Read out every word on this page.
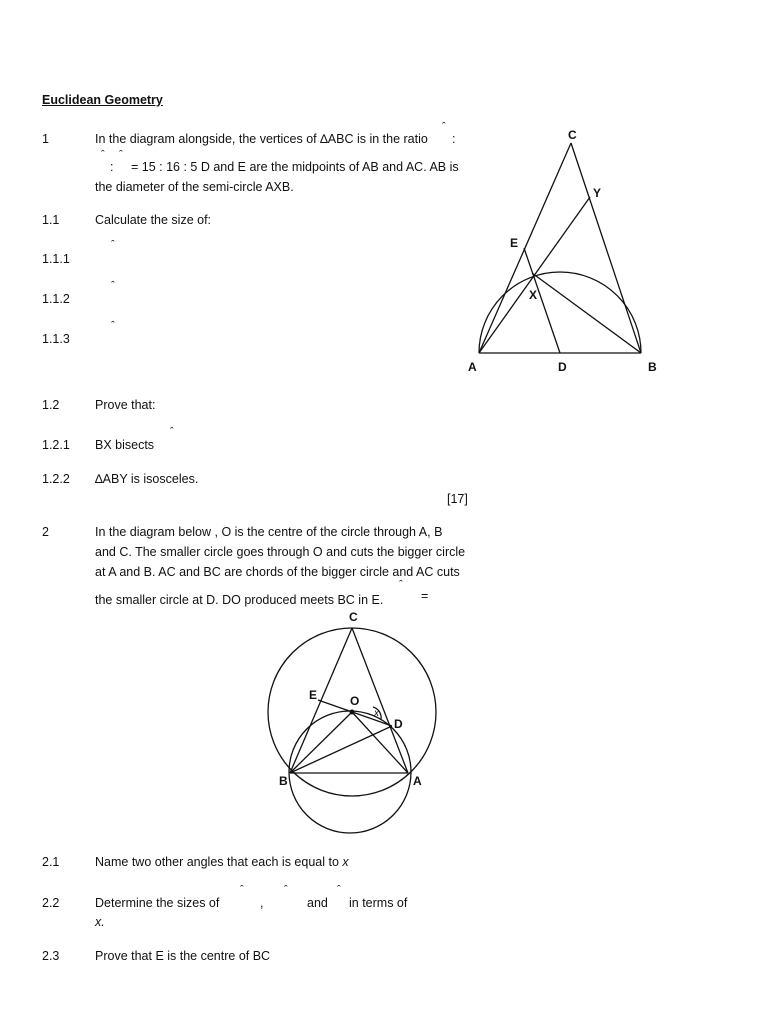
Euclidean Geometry
1	In the diagram alongside, the vertices of ∆ABC is in the ratio
ˆ
:
ˆ ˆ
: = 15 : 16 : 5 D and E are the midpoints of AB and AC. AB is
the diameter of the semi-circle AXB.
1.1	Calculate the size of:
ˆ
1.1.1
ˆ
1.1.2
ˆ
1.1.3
1.2	Prove that:
ˆ
1.2.1 BX bisects
1.2.2 ∆ABY is isosceles.
[17]
C
Y
E
X
A	D	B
2	In the diagram below , O is the centre of the circle through A, B
and C. The smaller circle goes through O and cuts the bigger circle
at A and B. AC and BC are chords of the bigger circle and AC cuts
ˆ
the smaller circle at D. DO produced meets BC in E.	=
C
E	O
D
B	A
x
2.1	Name two other angles that each is equal to x
ˆ	ˆ	ˆ
2.2	Determine the sizes of	,	and in terms of
x.
2.3	Prove that E is the centre of BC
